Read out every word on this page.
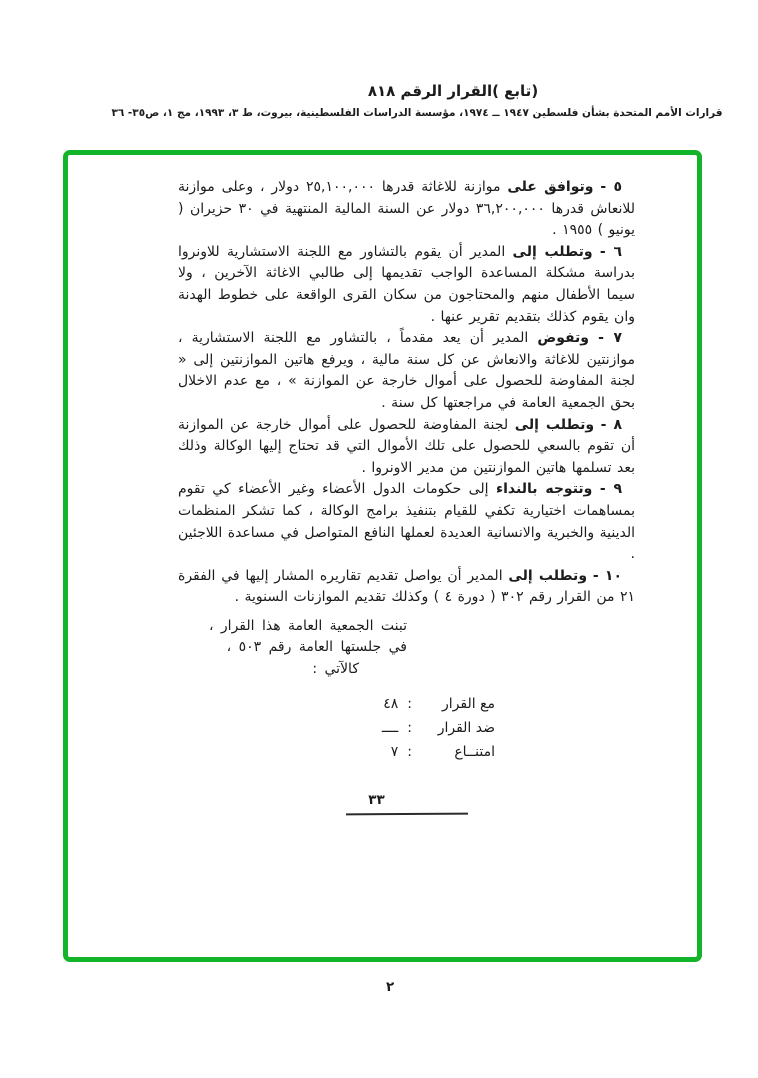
(تابع )القرار الرقم ٨١٨
قرارات الأمم المتحدة بشأن فلسطين ١٩٤٧ ــ ١٩٧٤، مؤسسة الدراسات الفلسطينية، بيروت، ط ٣، ١٩٩٣، مج ١، ص٣٥- ٣٦

٥ - وتوافق على موازنة للاغاثة قدرها ٢٥,١٠٠,٠٠٠ دولار ، وعلى موازنة للانعاش قدرها ٣٦,٢٠٠,٠٠٠ دولار عن السنة المالية المنتهية في ٣٠ حزيران ( يونيو ) ١٩٥٥ .

٦ - وتطلب إلى المدير أن يقوم بالتشاور مع اللجنة الاستشارية للاونروا بدراسة مشكلة المساعدة الواجب تقديمها إلى طالبي الاغاثة الآخرين ، ولا سيما الأطفال منهم والمحتاجون من سكان القرى الواقعة على خطوط الهدنة وان يقوم كذلك بتقديم تقرير عنها .

٧ - وتفوض المدير أن يعد مقدماً ، بالتشاور مع اللجنة الاستشارية ، موازنتين للاغاثة والانعاش عن كل سنة مالية ، ويرفع هاتين الموازنتين إلى « لجنة المفاوضة للحصول على أموال خارجة عن الموازنة » ، مع عدم الاخلال بحق الجمعية العامة في مراجعتها كل سنة .

٨ - وتطلب إلى لجنة المفاوضة للحصول على أموال خارجة عن الموازنة أن تقوم بالسعي للحصول على تلك الأموال التي قد تحتاج إليها الوكالة وذلك بعد تسلمها هاتين الموازنتين من مدير الاونروا .

٩ - وتتوجه بالنداء إلى حكومات الدول الأعضاء وغير الأعضاء كي تقوم بمساهمات اختيارية تكفي للقيام بتنفيذ برامج الوكالة ، كما تشكر المنظمات الدينية والخبرية والانسانية العديدة لعملها النافع المتواصل في مساعدة اللاجئين .

١٠ - وتطلب إلى المدير أن يواصل تقديم تقاريره المشار إليها في الفقرة ٢١ من القرار رقم ٣٠٢ ( دورة ٤ ) وكذلك تقديم الموازنات السنوية .

تبنت الجمعية العامة هذا القرار ،
في جلستها العامة رقم ٥٠٣ ،
كالآتي :
مع القرار
:
٤٨
ضد القرار
:
ــــ
امتنــاع
:
٧
٣٣
٢
